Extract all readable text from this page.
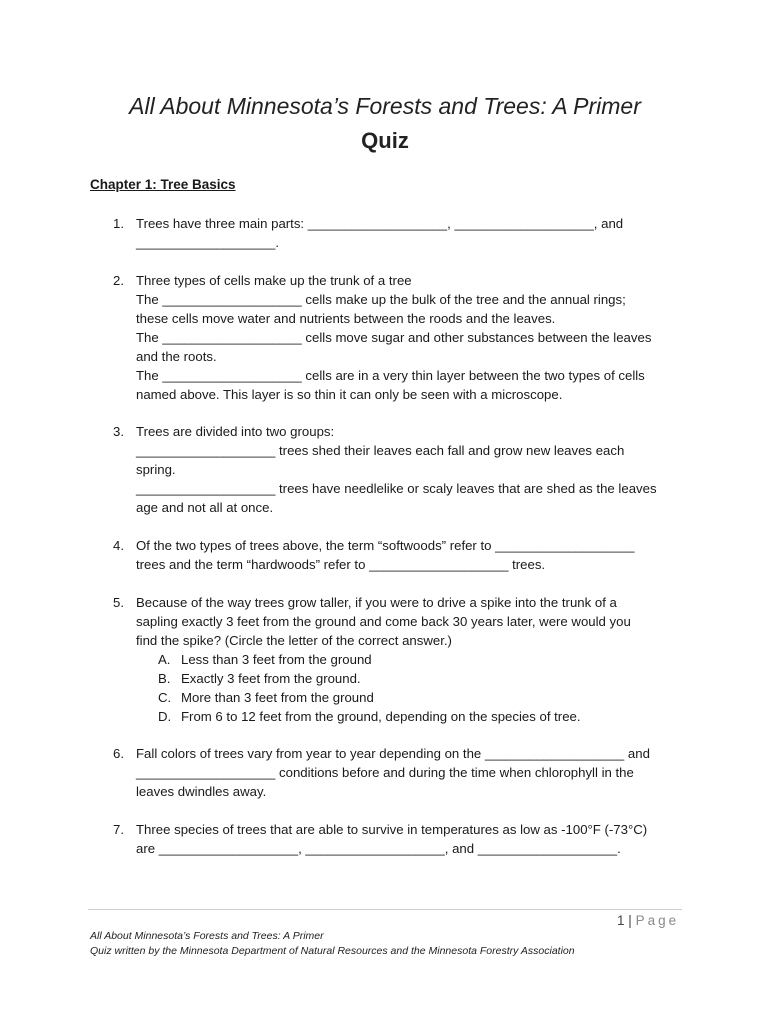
All About Minnesota’s Forests and Trees: A Primer
Quiz
Chapter 1: Tree Basics
1. Trees have three main parts: ___________________, ___________________, and
___________________.
2. Three types of cells make up the trunk of a tree
The ___________________ cells make up the bulk of the tree and the annual rings;
these cells move water and nutrients between the roods and the leaves.
The ___________________ cells move sugar and other substances between the leaves
and the roots.
The ___________________ cells are in a very thin layer between the two types of cells
named above. This layer is so thin it can only be seen with a microscope.
3. Trees are divided into two groups:
___________________ trees shed their leaves each fall and grow new leaves each
spring.
___________________ trees have needlelike or scaly leaves that are shed as the leaves
age and not all at once.
4. Of the two types of trees above, the term “softwoods” refer to ___________________
trees and the term “hardwoods” refer to ___________________ trees.
5. Because of the way trees grow taller, if you were to drive a spike into the trunk of a
sapling exactly 3 feet from the ground and come back 30 years later, were would you
find the spike? (Circle the letter of the correct answer.)
A. Less than 3 feet from the ground
B. Exactly 3 feet from the ground.
C. More than 3 feet from the ground
D. From 6 to 12 feet from the ground, depending on the species of tree.
6. Fall colors of trees vary from year to year depending on the ___________________ and
___________________ conditions before and during the time when chlorophyll in the
leaves dwindles away.
7. Three species of trees that are able to survive in temperatures as low as -100°F (-73°C)
are ___________________, ___________________, and ___________________.
1 | Page
All About Minnesota’s Forests and Trees: A Primer
Quiz written by the Minnesota Department of Natural Resources and the Minnesota Forestry Association
